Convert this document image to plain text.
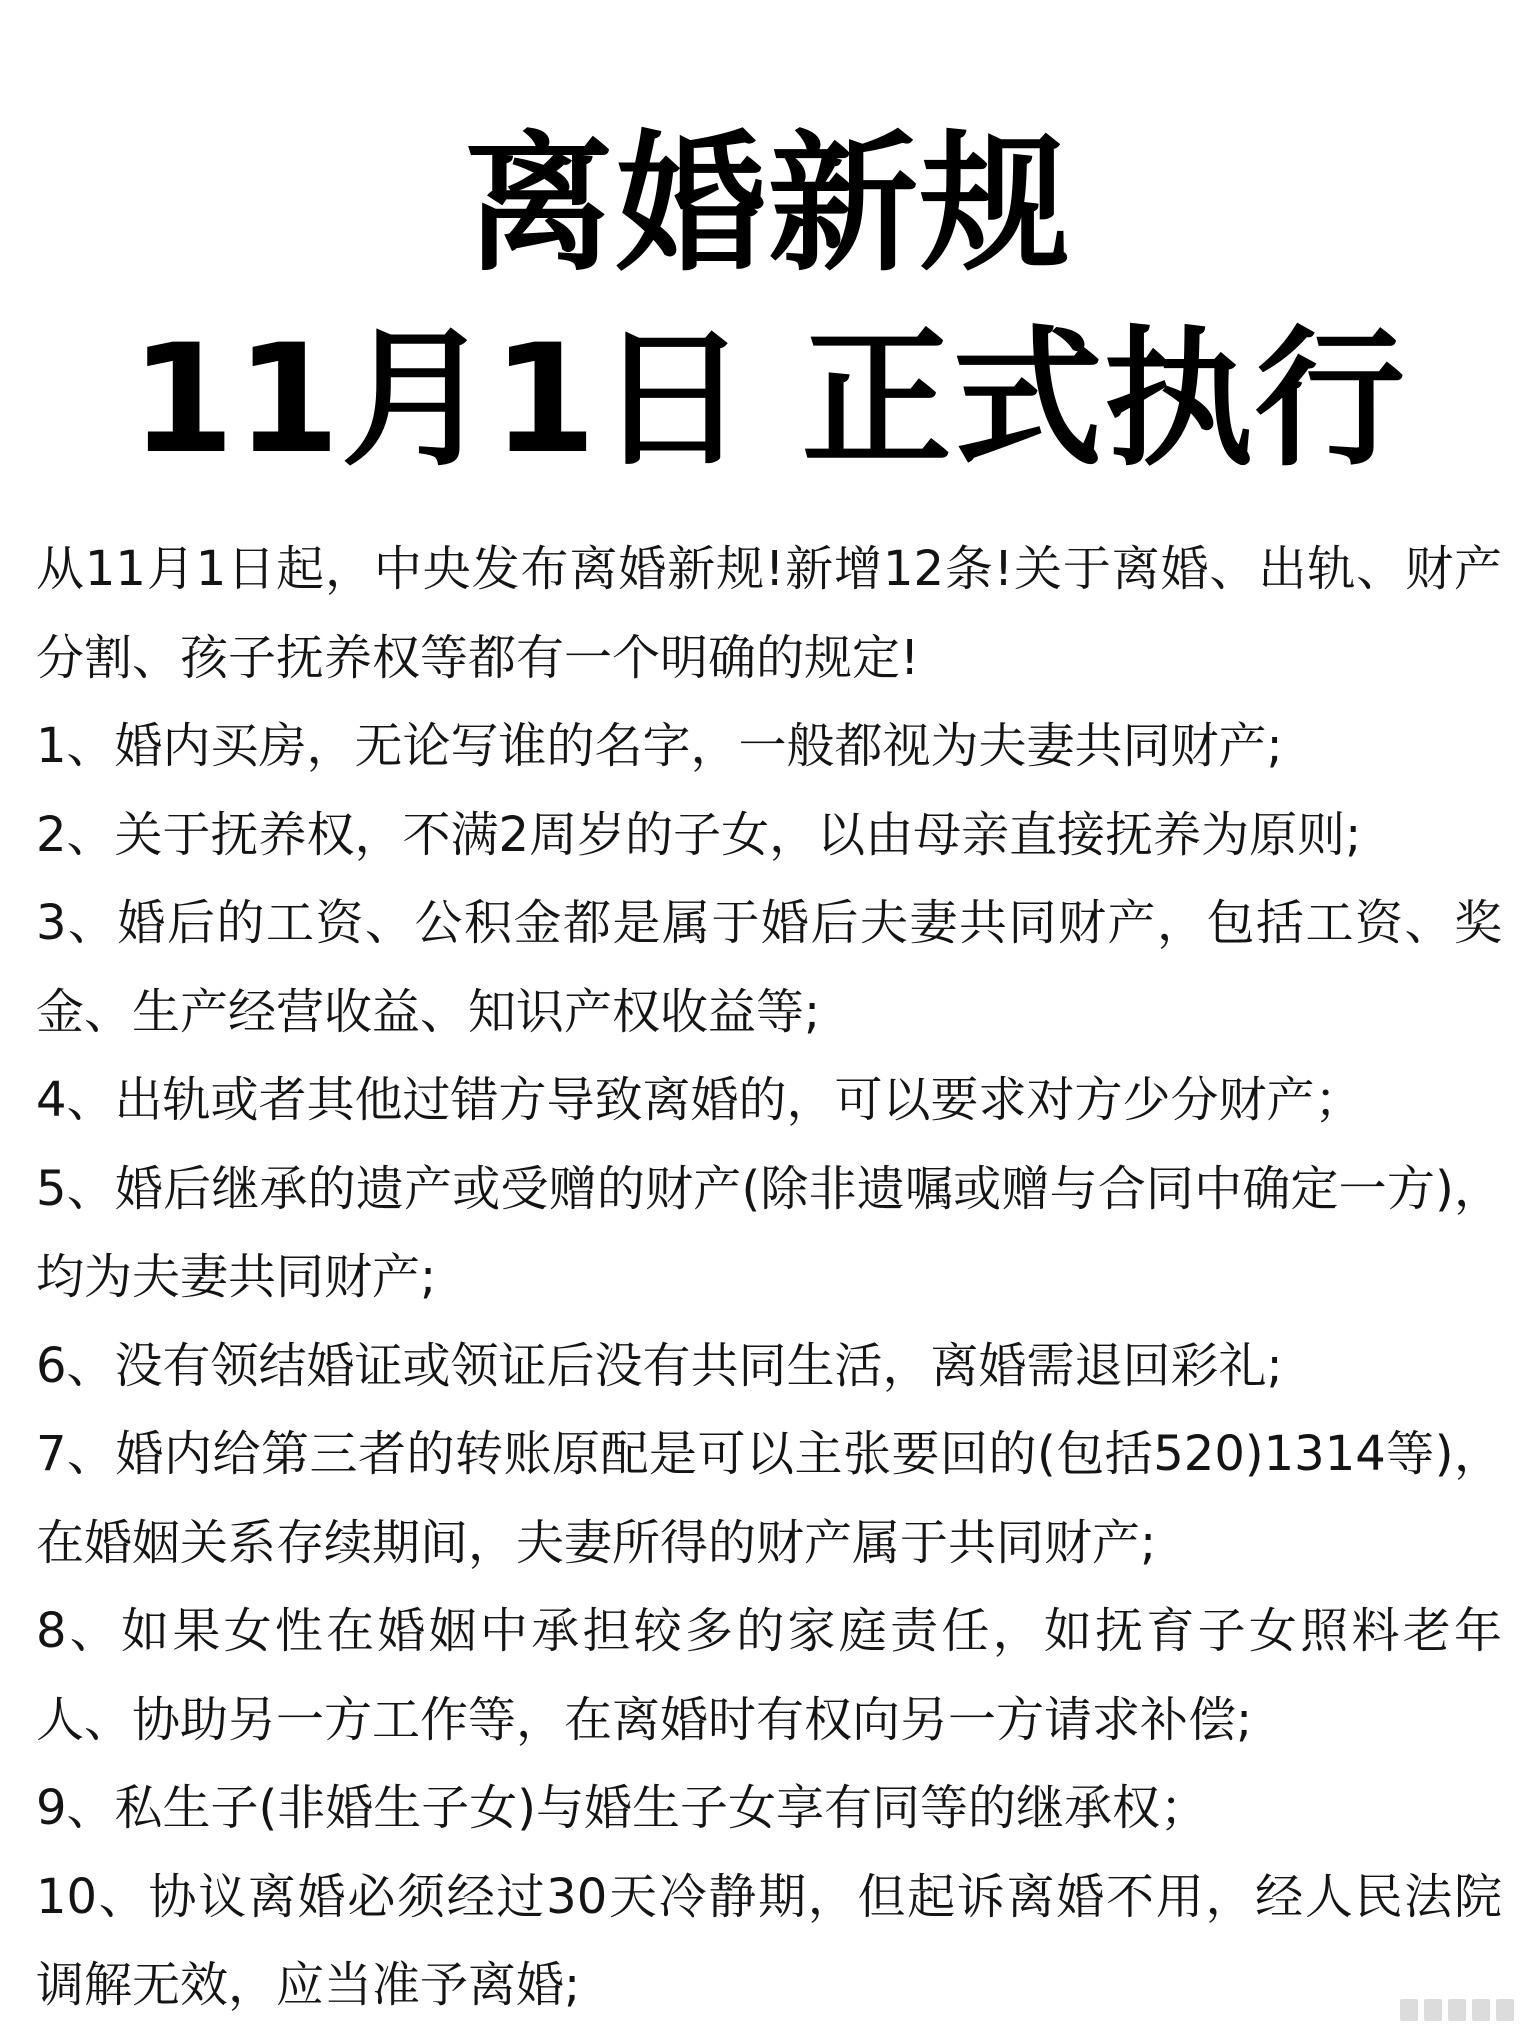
离婚新规
11月1日 正式执行

从11月1日起，中央发布离婚新规!新增12条!关于离婚、出轨、财产分割、孩子抚养权等都有一个明确的规定!

1、婚内买房，无论写谁的名字，一般都视为夫妻共同财产;

2、关于抚养权，不满2周岁的子女，以由母亲直接抚养为原则;

3、婚后的工资、公积金都是属于婚后夫妻共同财产，包括工资、奖金、生产经营收益、知识产权收益等;

4、出轨或者其他过错方导致离婚的，可以要求对方少分财产；

5、婚后继承的遗产或受赠的财产(除非遗嘱或赠与合同中确定一方)，均为夫妻共同财产;

6、没有领结婚证或领证后没有共同生活，离婚需退回彩礼;

7、婚内给第三者的转账原配是可以主张要回的(包括520)1314等)，在婚姻关系存续期间，夫妻所得的财产属于共同财产;

8、如果女性在婚姻中承担较多的家庭责任，如抚育子女照料老年人、协助另一方工作等，在离婚时有权向另一方请求补偿;

9、私生子(非婚生子女)与婚生子女享有同等的继承权；

10、协议离婚必须经过30天冷静期，但起诉离婚不用，经人民法院调解无效，应当准予离婚;
